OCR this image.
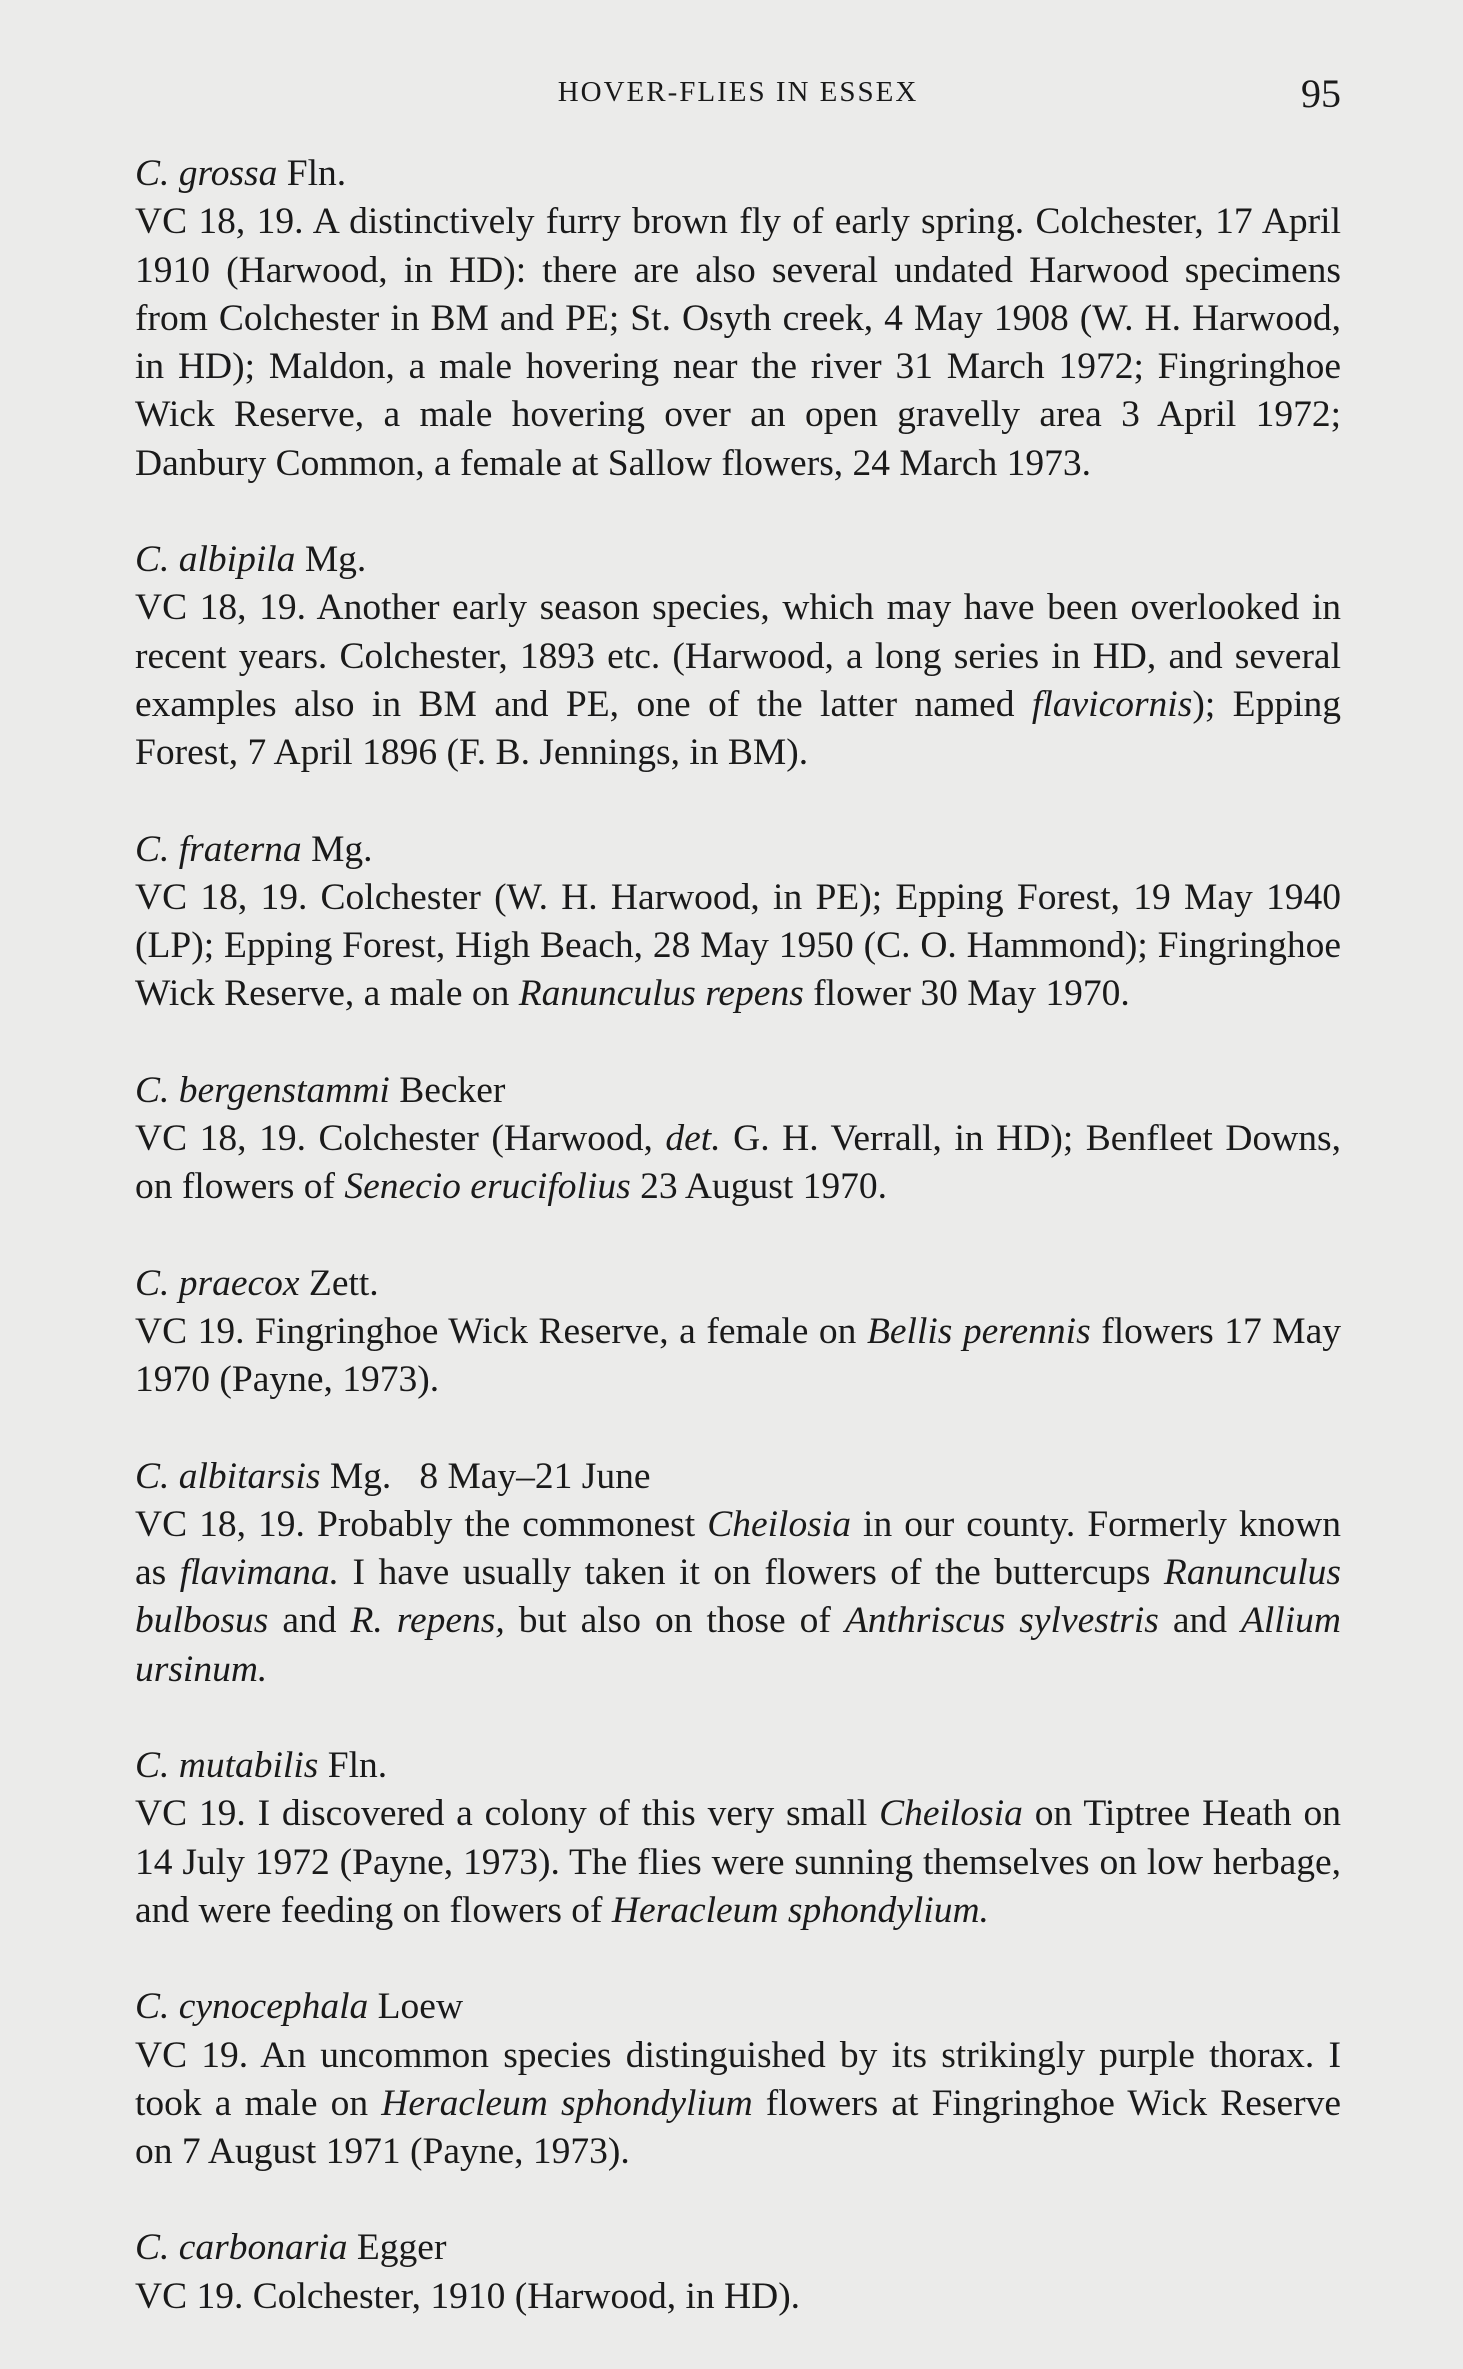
HOVER-FLIES IN ESSEX	95

C. grossa Fln.

VC 18, 19. A distinctively furry brown fly of early spring. Colchester, 17 April 1910 (Harwood, in HD): there are also several undated Harwood specimens from Colchester in BM and PE; St. Osyth creek, 4 May 1908 (W. H. Harwood, in HD); Maldon, a male hovering near the river 31 March 1972; Fingringhoe Wick Reserve, a male hovering over an open gravelly area 3 April 1972; Danbury Common, a female at Sallow flowers, 24 March 1973.

C. albipila Mg.

VC 18, 19. Another early season species, which may have been overlooked in recent years. Colchester, 1893 etc. (Harwood, a long series in HD, and several examples also in BM and PE, one of the latter named flavicornis); Epping Forest, 7 April 1896 (F. B. Jennings, in BM).

C. fraterna Mg.

VC 18, 19. Colchester (W. H. Harwood, in PE); Epping Forest, 19 May 1940 (LP); Epping Forest, High Beach, 28 May 1950 (C. O. Hammond); Fingringhoe Wick Reserve, a male on Ranunculus repens flower 30 May 1970.

C. bergenstammi Becker

VC 18, 19. Colchester (Harwood, det. G. H. Verrall, in HD); Benfleet Downs, on flowers of Senecio erucifolius 23 August 1970.

C. praecox Zett.

VC 19. Fingringhoe Wick Reserve, a female on Bellis perennis flowers 17 May 1970 (Payne, 1973).

C. albitarsis Mg. 8 May–21 June

VC 18, 19. Probably the commonest Cheilosia in our county. Formerly known as flavimana. I have usually taken it on flowers of the buttercups Ranunculus bulbosus and R. repens, but also on those of Anthriscus sylvestris and Allium ursinum.

C. mutabilis Fln.

VC 19. I discovered a colony of this very small Cheilosia on Tiptree Heath on 14 July 1972 (Payne, 1973). The flies were sunning themselves on low herbage, and were feeding on flowers of Heracleum sphondylium.

C. cynocephala Loew

VC 19. An uncommon species distinguished by its strikingly purple thorax. I took a male on Heracleum sphondylium flowers at Fingringhoe Wick Reserve on 7 August 1971 (Payne, 1973).

C. carbonaria Egger

VC 19. Colchester, 1910 (Harwood, in HD).
